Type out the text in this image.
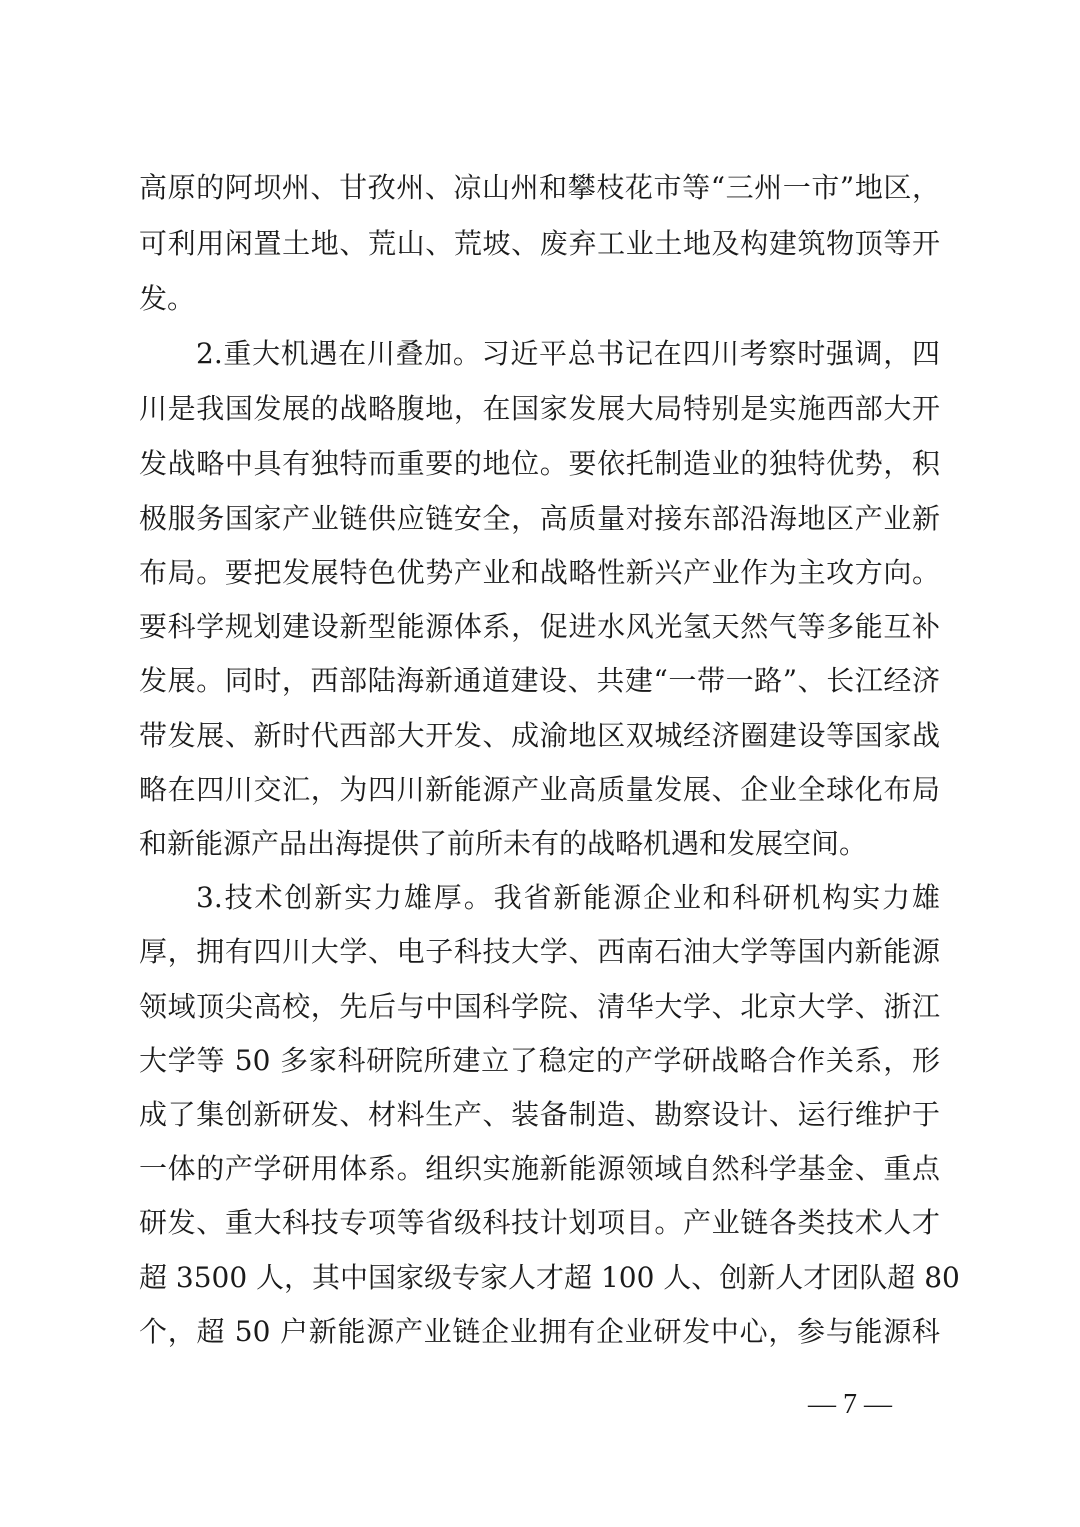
高原的阿坝州、甘孜州、凉山州和攀枝花市等“三州一市”地区，
可利用闲置土地、荒山、荒坡、废弃工业土地及构建筑物顶等开
发。
2.重大机遇在川叠加。习近平总书记在四川考察时强调，四
川是我国发展的战略腹地，在国家发展大局特别是实施西部大开
发战略中具有独特而重要的地位。要依托制造业的独特优势，积
极服务国家产业链供应链安全，高质量对接东部沿海地区产业新
布局。要把发展特色优势产业和战略性新兴产业作为主攻方向。
要科学规划建设新型能源体系，促进水风光氢天然气等多能互补
发展。同时，西部陆海新通道建设、共建“一带一路”、长江经济
带发展、新时代西部大开发、成渝地区双城经济圈建设等国家战
略在四川交汇，为四川新能源产业高质量发展、企业全球化布局
和新能源产品出海提供了前所未有的战略机遇和发展空间。
3.技术创新实力雄厚。我省新能源企业和科研机构实力雄
厚，拥有四川大学、电子科技大学、西南石油大学等国内新能源
领域顶尖高校，先后与中国科学院、清华大学、北京大学、浙江
大学等 50 多家科研院所建立了稳定的产学研战略合作关系，形
成了集创新研发、材料生产、装备制造、勘察设计、运行维护于
一体的产学研用体系。组织实施新能源领域自然科学基金、重点
研发、重大科技专项等省级科技计划项目。产业链各类技术人才
超 3500 人，其中国家级专家人才超 100 人、创新人才团队超 80
个，超 50 户新能源产业链企业拥有企业研发中心，参与能源科
— 7 —
